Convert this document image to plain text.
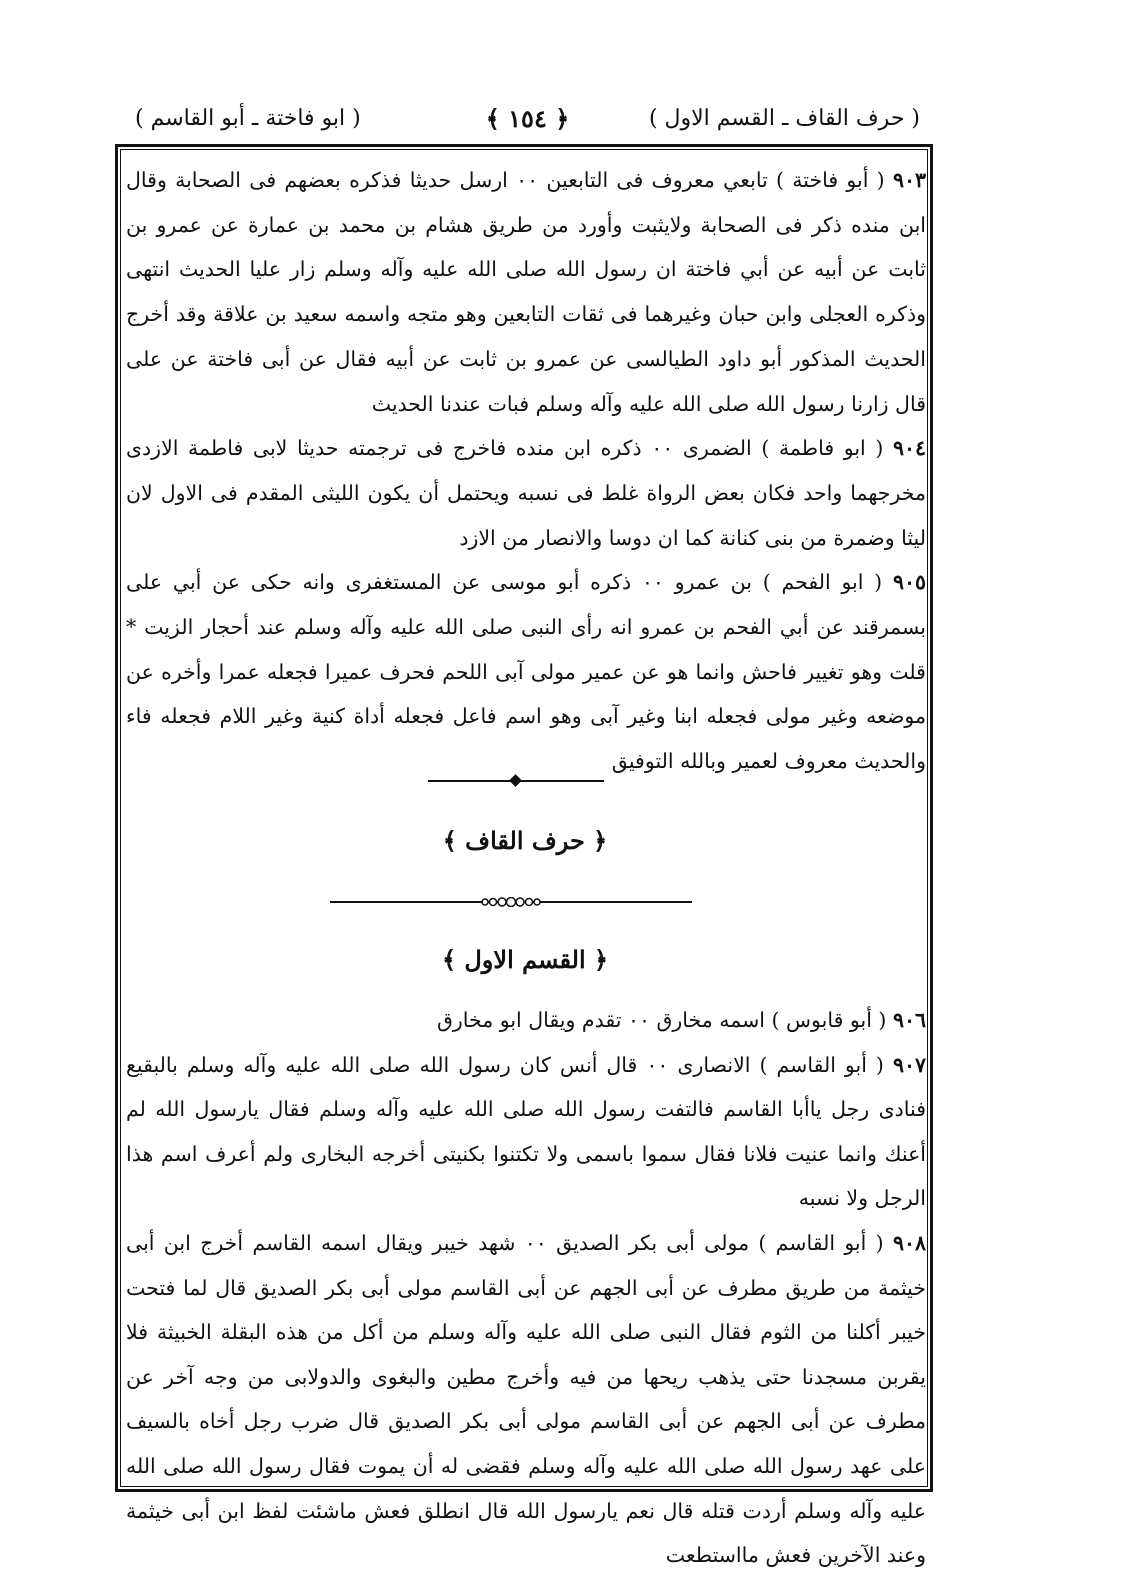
( حرف القاف ـ القسم الاول )
﴿ ١٥٤ ﴾
( ابو فاختة ـ أبو القاسم )

٩٠٣ ( أبو فاختة ) تابعي معروف فى التابعين ٠٠ ارسل حديثا فذكره بعضهم فى الصحابة وقال ابن منده ذكر فى الصحابة ولايثبت وأورد من طريق هشام بن محمد بن عمارة عن عمرو بن ثابت عن أبيه عن أبي فاختة ان رسول الله صلى الله عليه وآله وسلم زار عليا الحديث انتهى وذكره العجلى وابن حبان وغيرهما فى ثقات التابعين وهو متجه واسمه سعيد بن علاقة وقد أخرج الحديث المذكور أبو داود الطيالسى عن عمرو بن ثابت عن أبيه فقال عن أبى فاختة عن على قال زارنا رسول الله صلى الله عليه وآله وسلم فبات عندنا الحديث

٩٠٤ ( ابو فاطمة ) الضمرى ٠٠ ذكره ابن منده فاخرج فى ترجمته حديثا لابى فاطمة الازدى مخرجهما واحد فكان بعض الرواة غلط فى نسبه ويحتمل أن يكون الليثى المقدم فى الاول لان ليثا وضمرة من بنى كنانة كما ان دوسا والانصار من الازد

٩٠٥ ( ابو الفحم ) بن عمرو ٠٠ ذكره أبو موسى عن المستغفرى وانه حكى عن أبي على بسمرقند عن أبي الفحم بن عمرو انه رأى النبى صلى الله عليه وآله وسلم عند أحجار الزيت * قلت وهو تغيير فاحش وانما هو عن عمير مولى آبى اللحم فحرف عميرا فجعله عمرا وأخره عن موضعه وغير مولى فجعله ابنا وغير آبى وهو اسم فاعل فجعله أداة كنية وغير اللام فجعله فاء والحديث معروف لعمير وبالله التوفيق

﴿ حرف القاف ﴾
﴿ القسم الاول ﴾

٩٠٦ ( أبو قابوس ) اسمه مخارق ٠٠ تقدم ويقال ابو مخارق

٩٠٧ ( أبو القاسم ) الانصارى ٠٠ قال أنس كان رسول الله صلى الله عليه وآله وسلم بالبقيع فنادى رجل ياأبا القاسم فالتفت رسول الله صلى الله عليه وآله وسلم فقال يارسول الله لم أعنك وانما عنيت فلانا فقال سموا باسمى ولا تكتنوا بكنيتى أخرجه البخارى ولم أعرف اسم هذا الرجل ولا نسبه

٩٠٨ ( أبو القاسم ) مولى أبى بكر الصديق ٠٠ شهد خيبر ويقال اسمه القاسم أخرج ابن أبى خيثمة من طريق مطرف عن أبى الجهم عن أبى القاسم مولى أبى بكر الصديق قال لما فتحت خيبر أكلنا من الثوم فقال النبى صلى الله عليه وآله وسلم من أكل من هذه البقلة الخبيثة فلا يقربن مسجدنا حتى يذهب ريحها من فيه وأخرج مطين والبغوى والدولابى من وجه آخر عن مطرف عن أبى الجهم عن أبى القاسم مولى أبى بكر الصديق قال ضرب رجل أخاه بالسيف على عهد رسول الله صلى الله عليه وآله وسلم فقضى له أن يموت فقال رسول الله صلى الله عليه وآله وسلم أردت قتله قال نعم يارسول الله قال انطلق فعش ماشئت لفظ ابن أبى خيثمة وعند الآخرين فعش مااستطعت
